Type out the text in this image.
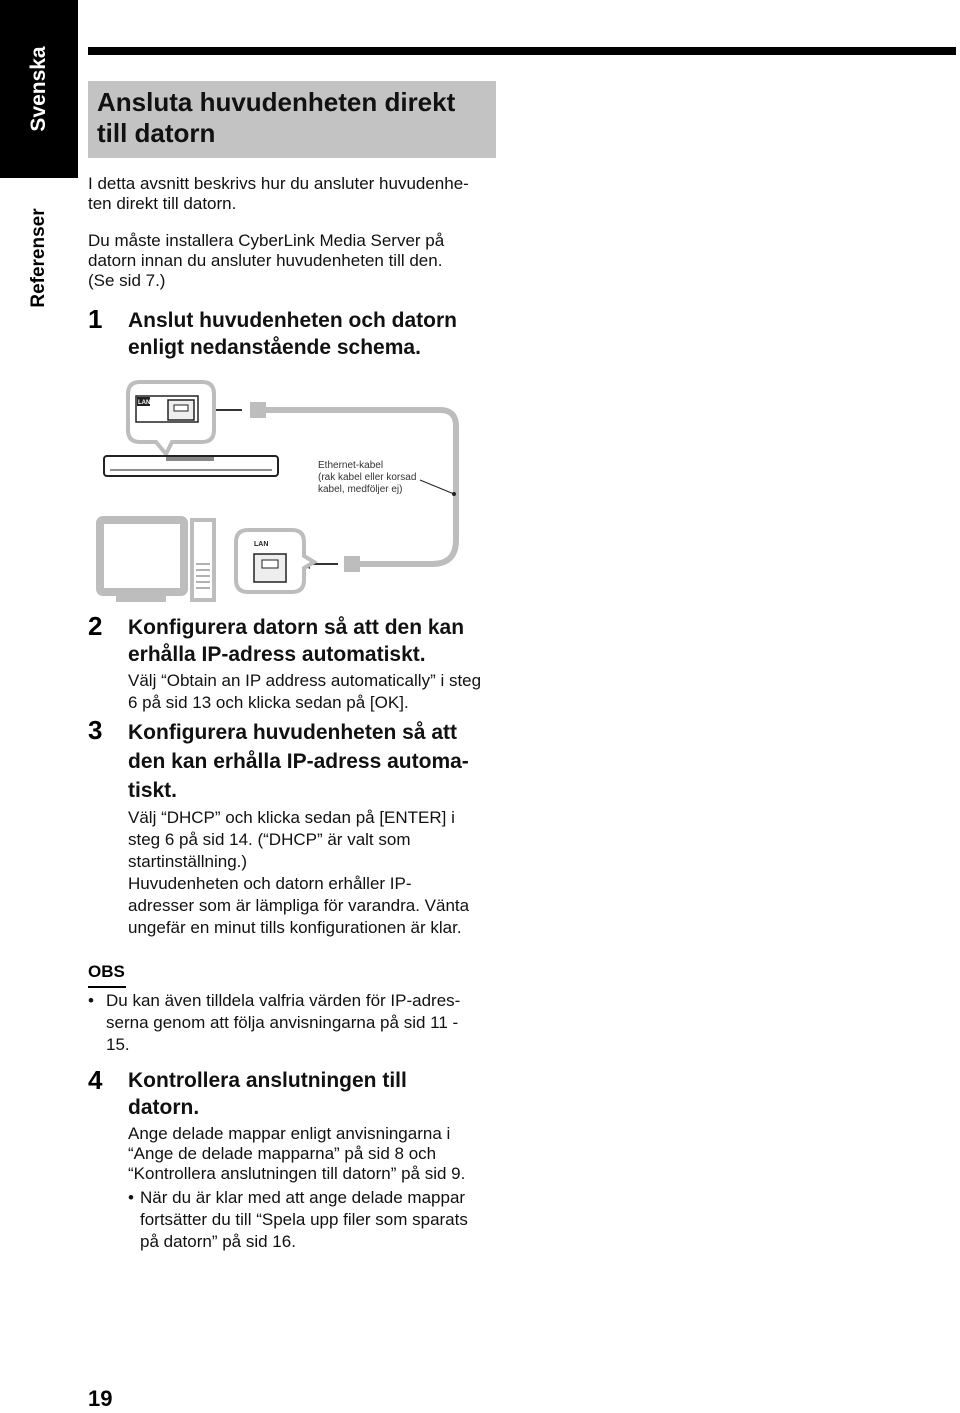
Svenska
Referenser
Ansluta huvudenheten direkt till datorn
I detta avsnitt beskrivs hur du ansluter huvudenhe-
ten direkt till datorn.
Du måste installera CyberLink Media Server på
datorn innan du ansluter huvudenheten till den.
(Se sid 7.)
1 Anslut huvudenheten och datorn
enligt nedanstående schema.
LAN
Ethernet-kabel
(rak kabel eller korsad
kabel, medföljer ej)
LAN
2 Konfigurera datorn så att den kan
erhålla IP-adress automatiskt.
Välj “Obtain an IP address automatically” i steg
6 på sid 13 och klicka sedan på [OK].
3 Konfigurera huvudenheten så att
den kan erhålla IP-adress automa-
tiskt.
Välj “DHCP” och klicka sedan på [ENTER] i
steg 6 på sid 14. (“DHCP” är valt som
startinställning.)
Huvudenheten och datorn erhåller IP-
adresser som är lämpliga för varandra. Vänta
ungefär en minut tills konfigurationen är klar.
OBS
• Du kan även tilldela valfria värden för IP-adres-
serna genom att följa anvisningarna på sid 11 -
15.
4 Kontrollera anslutningen till
datorn.
Ange delade mappar enligt anvisningarna i
“Ange de delade mapparna” på sid 8 och
“Kontrollera anslutningen till datorn” på sid 9.
• När du är klar med att ange delade mappar
fortsätter du till “Spela upp filer som sparats
på datorn” på sid 16.
19
